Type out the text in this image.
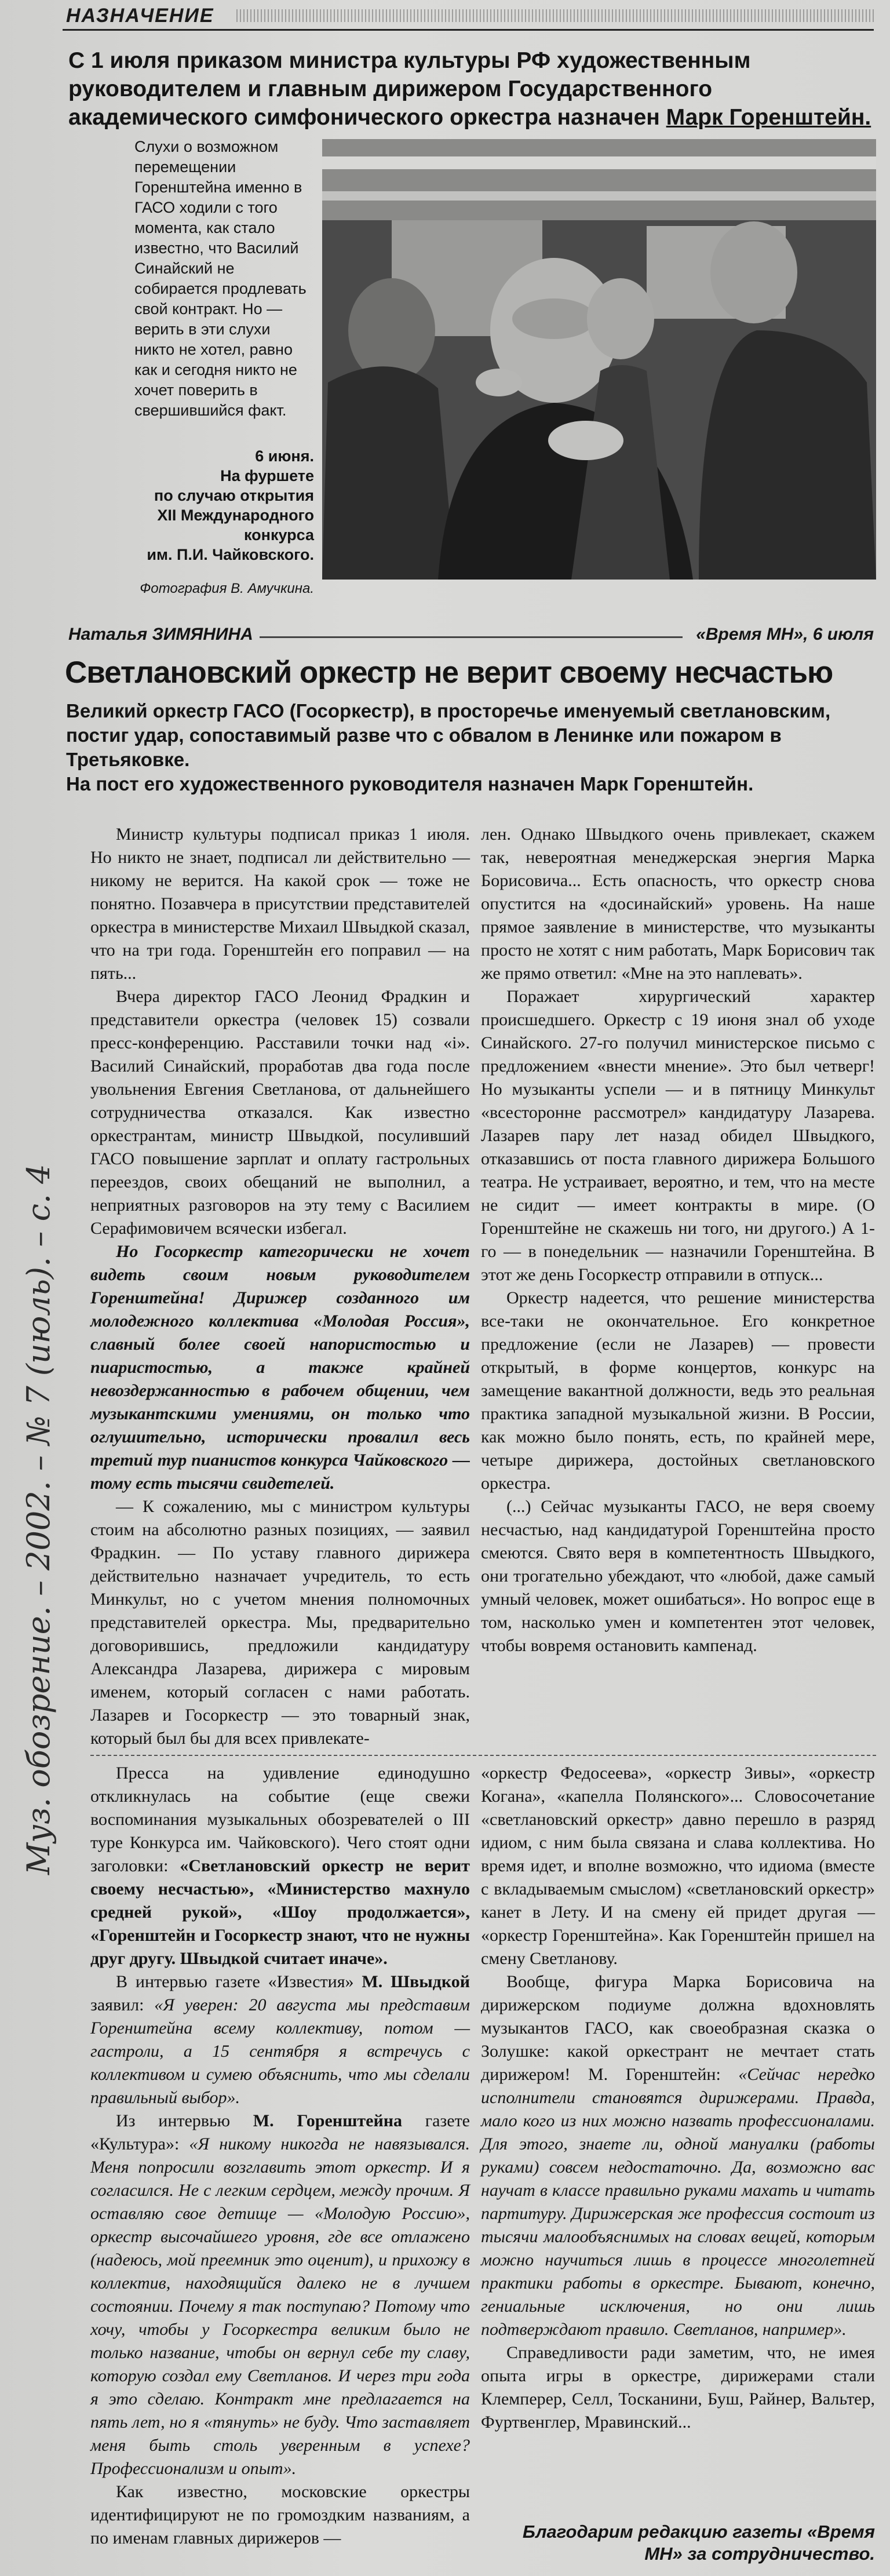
НАЗНАЧЕНИЕ
С 1 июля приказом министра культуры РФ художественным руководителем и главным дирижером Государственного академического симфонического оркестра назначен Марк Горенштейн.
Слухи о возможном перемещении Горенштейна именно в ГАСО ходили с того момента, как стало известно, что Василий Синайский не собирается продлевать свой контракт. Но — верить в эти слухи никто не хотел, равно как и сегодня никто не хочет поверить в свершившийся факт.
6 июня.
На фуршете
по случаю открытия
XII Международного
конкурса
им. П.И. Чайковского.
Фотография В. Амучкина.
Муз. обозрение. – 2002. – № 7 (июль). – с. 4
Наталья ЗИМЯНИНА	«Время МН», 6 июля
Светлановский оркестр не верит своему несчастью
Великий оркестр ГАСО (Госоркестр), в просторечье именуемый светлановским, постиг удар, сопоставимый разве что с обвалом в Ленинке или пожаром в Третьяковке.
На пост его художественного руководителя назначен Марк Горенштейн.

Министр культуры подписал приказ 1 июля. Но никто не знает, подписал ли действительно — никому не верится. На какой срок — тоже не понятно. Позавчера в присутствии представителей оркестра в министерстве Михаил Швыдкой сказал, что на три года. Горенштейн его поправил — на пять...

Вчера директор ГАСО Леонид Фрадкин и представители оркестра (человек 15) созвали пресс-конференцию. Расставили точки над «i». Василий Синайский, проработав два года после увольнения Евгения Светланова, от дальнейшего сотрудничества отказался. Как известно оркестрантам, министр Швыдкой, посуливший ГАСО повышение зарплат и оплату гастрольных переездов, своих обещаний не выполнил, а неприятных разговоров на эту тему с Василием Серафимовичем всячески избегал.

Но Госоркестр категорически не хочет видеть своим новым руководителем Горенштейна! Дирижер созданного им молодежного коллектива «Молодая Россия», славный более своей напористостью и пиаристостью, а также крайней невоздержанностью в рабочем общении, чем музыкантскими умениями, он только что оглушительно, исторически провалил весь третий тур пианистов конкурса Чайковского — тому есть тысячи свидетелей.

— К сожалению, мы с министром культуры стоим на абсолютно разных позициях, — заявил Фрадкин. — По уставу главного дирижера действительно назначает учредитель, то есть Минкульт, но с учетом мнения полномочных представителей оркестра. Мы, предварительно договорившись, предложили кандидатуру Александра Лазарева, дирижера с мировым именем, который согласен с нами работать. Лазарев и Госоркестр — это товарный знак, который был бы для всех привлекате-

лен. Однако Швыдкого очень привлекает, скажем так, невероятная менеджерская энергия Марка Борисовича... Есть опасность, что оркестр снова опустится на «досинайский» уровень. На наше прямое заявление в министерстве, что музыканты просто не хотят с ним работать, Марк Борисович так же прямо ответил: «Мне на это наплевать».

Поражает хирургический характер происшедшего. Оркестр с 19 июня знал об уходе Синайского. 27-го получил министерское письмо с предложением «внести мнение». Это был четверг! Но музыканты успели — и в пятницу Минкульт «всесторонне рассмотрел» кандидатуру Лазарева. Лазарев пару лет назад обидел Швыдкого, отказавшись от поста главного дирижера Большого театра. Не устраивает, вероятно, и тем, что на месте не сидит — имеет контракты в мире. (О Горенштейне не скажешь ни того, ни другого.) А 1-го — в понедельник — назначили Горенштейна. В этот же день Госоркестр отправили в отпуск...

Оркестр надеется, что решение министерства все-таки не окончательное. Его конкретное предложение (если не Лазарев) — провести открытый, в форме концертов, конкурс на замещение вакантной должности, ведь это реальная практика западной музыкальной жизни. В России, как можно было понять, есть, по крайней мере, четыре дирижера, достойных светлановского оркестра.

(...) Сейчас музыканты ГАСО, не веря своему несчастью, над кандидатурой Горенштейна просто смеются. Свято веря в компетентность Швыдкого, они трогательно убеждают, что «любой, даже самый умный человек, может ошибаться». Но вопрос еще в том, насколько умен и компетентен этот человек, чтобы вовремя остановить кампенад.

Пресса на удивление единодушно откликнулась на событие (еще свежи воспоминания музыкальных обозревателей о III туре Конкурса им. Чайковского). Чего стоят одни заголовки: «Светлановский оркестр не верит своему несчастью», «Министерство махнуло средней рукой», «Шоу продолжается», «Горенштейн и Госоркестр знают, что не нужны друг другу. Швыдкой считает иначе».

В интервью газете «Известия» М. Швыдкой заявил: «Я уверен: 20 августа мы представим Горенштейна всему коллективу, потом — гастроли, а 15 сентября я встречусь с коллективом и сумею объяснить, что мы сделали правильный выбор».

Из интервью М. Горенштейна газете «Культура»: «Я никому никогда не навязывался. Меня попросили возглавить этот оркестр. И я согласился. Не с легким сердцем, между прочим. Я оставляю свое детище — «Молодую Россию», оркестр высочайшего уровня, где все отлажено (надеюсь, мой преемник это оценит), и прихожу в коллектив, находящийся далеко не в лучшем состоянии. Почему я так поступаю? Потому что хочу, чтобы у Госоркестра великим было не только название, чтобы он вернул себе ту славу, которую создал ему Светланов. И через три года я это сделаю. Контракт мне предлагается на пять лет, но я «тянуть» не буду. Что заставляет меня быть столь уверенным в успехе? Профессионализм и опыт».

Как известно, московские оркестры идентифицируют не по громоздким названиям, а по именам главных дирижеров —

«оркестр Федосеева», «оркестр Зивы», «оркестр Когана», «капелла Полянского»... Словосочетание «светлановский оркестр» давно перешло в разряд идиом, с ним была связана и слава коллектива. Но время идет, и вполне возможно, что идиома (вместе с вкладываемым смыслом) «светлановский оркестр» канет в Лету. И на смену ей придет другая — «оркестр Горенштейна». Как Горенштейн пришел на смену Светланову.

Вообще, фигура Марка Борисовича на дирижерском подиуме должна вдохновлять музыкантов ГАСО, как своеобразная сказка о Золушке: какой оркестрант не мечтает стать дирижером! М. Горенштейн: «Сейчас нередко исполнители становятся дирижерами. Правда, мало кого из них можно назвать профессионалами. Для этого, знаете ли, одной мануалки (работы руками) совсем недостаточно. Да, возможно вас научат в классе правильно руками махать и читать партитуру. Дирижерская же профессия состоит из тысячи малообъяснимых на словах вещей, которым можно научиться лишь в процессе многолетней практики работы в оркестре. Бывают, конечно, гениальные исключения, но они лишь подтверждают правило. Светланов, например».

Справедливости ради заметим, что, не имея опыта игры в оркестре, дирижерами стали Клемперер, Селл, Тосканини, Буш, Райнер, Вальтер, Фуртвенглер, Мравинский...

Благодарим редакцию газеты «Время МН» за сотрудничество.
